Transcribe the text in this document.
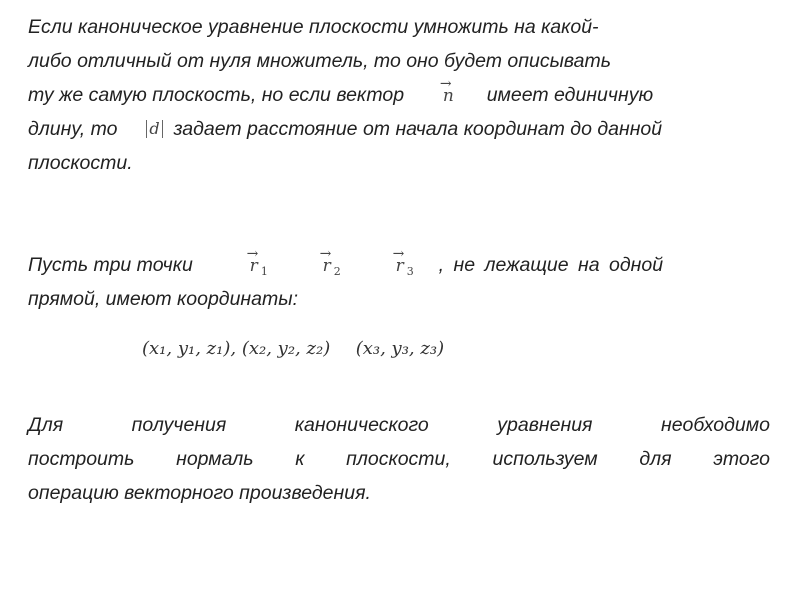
Если каноническое уравнение плоскости умножить на какой-
либо отличный от нуля множитель, то оно будет описывать
ту же самую плоскость, но если вектор	→
n имеет единичную
длину, то d задает расстояние от начала координат до данной
плоскости.
Пусть три точки	→
r $_1$
→
r $_2$
→
r $_3$ , не лежащие на одной
прямой, имеют координаты:
(x₁, y₁, z₁), (x₂, y₂, z₂) (x₃, y₃, z₃)
Для	получения	канонического	уравнения	необходимо
построить нормаль к плоскости, используем для этого
операцию векторного произведения.
